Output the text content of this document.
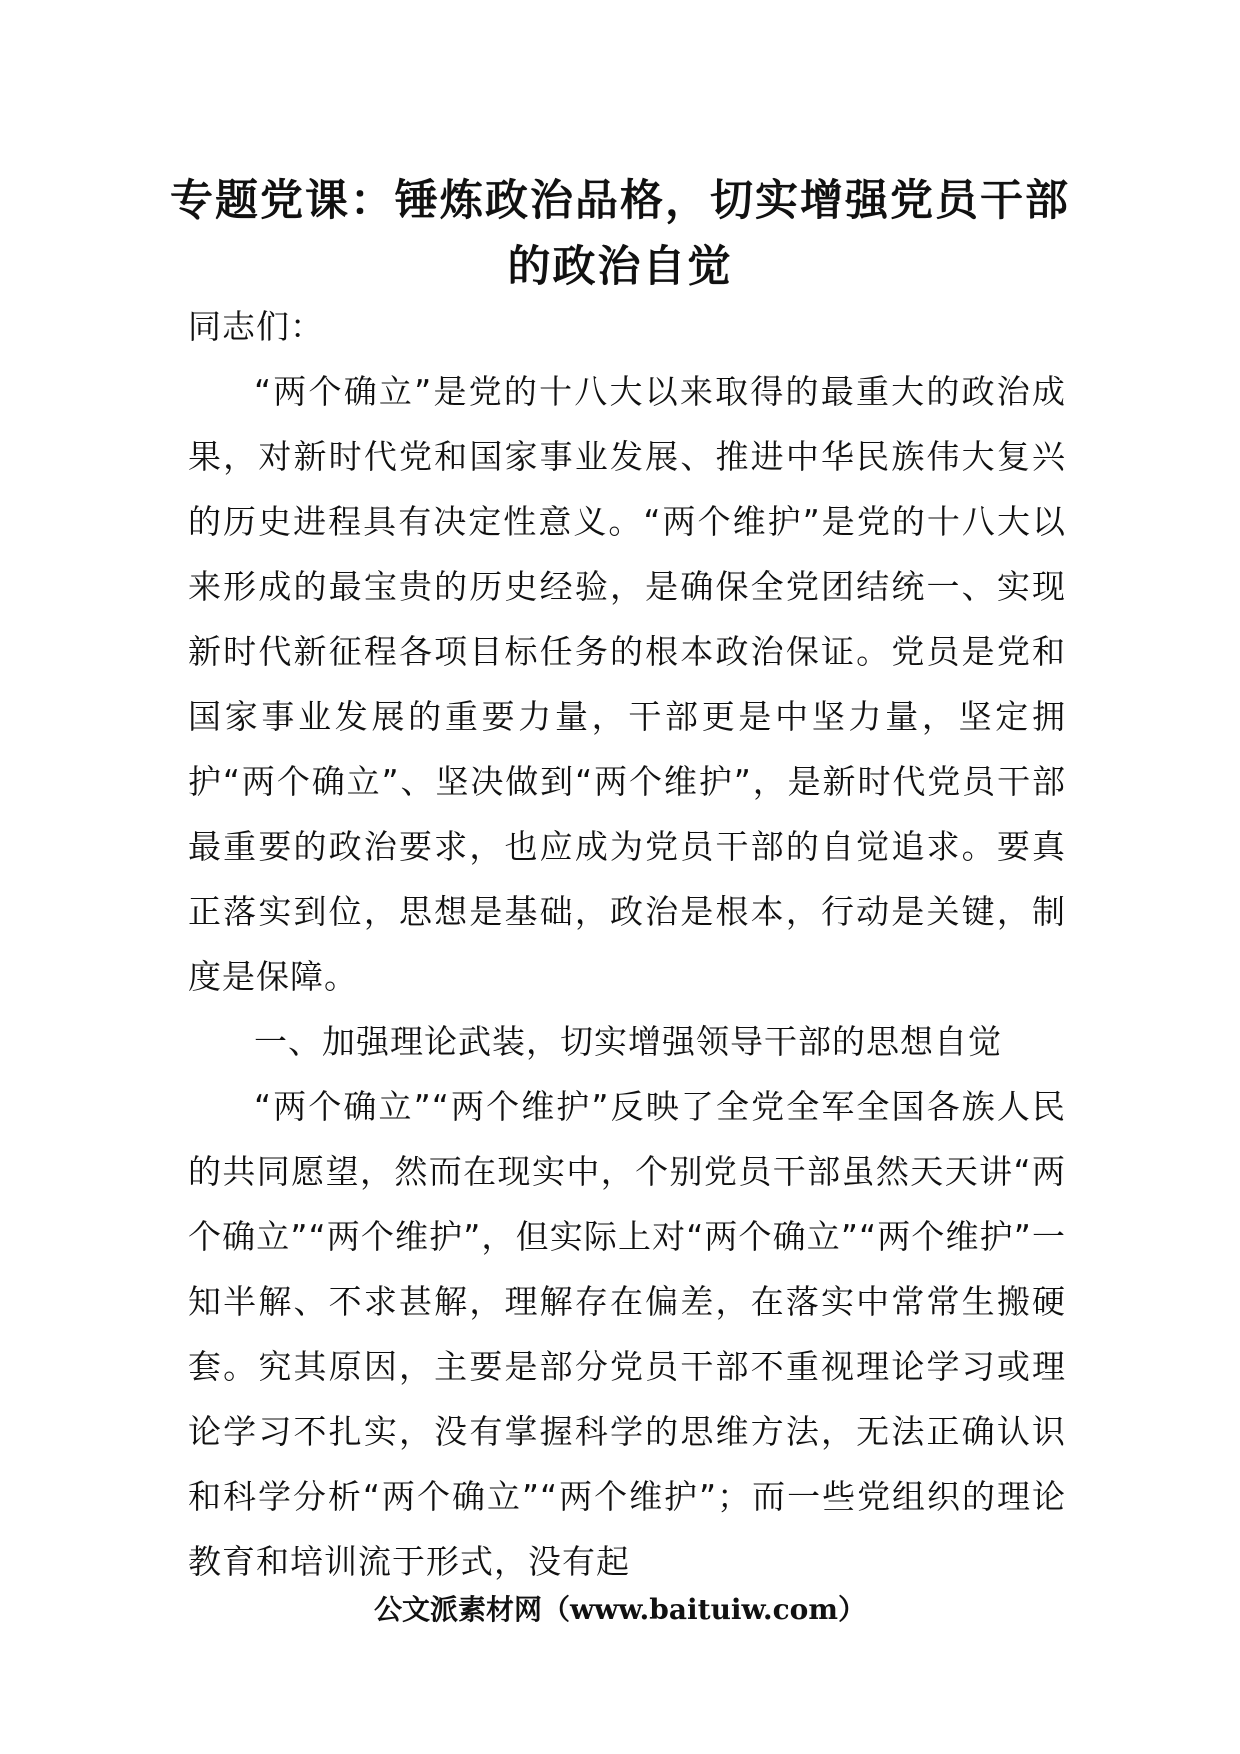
专题党课：锤炼政治品格，切实增强党员干部的政治自觉

同志们：

“两个确立”是党的十八大以来取得的最重大的政治成果，对新时代党和国家事业发展、推进中华民族伟大复兴的历史进程具有决定性意义。“两个维护”是党的十八大以来形成的最宝贵的历史经验，是确保全党团结统一、实现新时代新征程各项目标任务的根本政治保证。党员是党和国家事业发展的重要力量，干部更是中坚力量，坚定拥护“两个确立”、坚决做到“两个维护”，是新时代党员干部最重要的政治要求，也应成为党员干部的自觉追求。要真正落实到位，思想是基础，政治是根本，行动是关键，制度是保障。

一、加强理论武装，切实增强领导干部的思想自觉

“两个确立”“两个维护”反映了全党全军全国各族人民的共同愿望，然而在现实中，个别党员干部虽然天天讲“两个确立”“两个维护”，但实际上对“两个确立”“两个维护”一知半解、不求甚解，理解存在偏差，在落实中常常生搬硬套。究其原因，主要是部分党员干部不重视理论学习或理论学习不扎实，没有掌握科学的思维方法，无法正确认识和科学分析“两个确立”“两个维护”；而一些党组织的理论教育和培训流于形式，没有起

公文派素材网（www.baituiw.com）
